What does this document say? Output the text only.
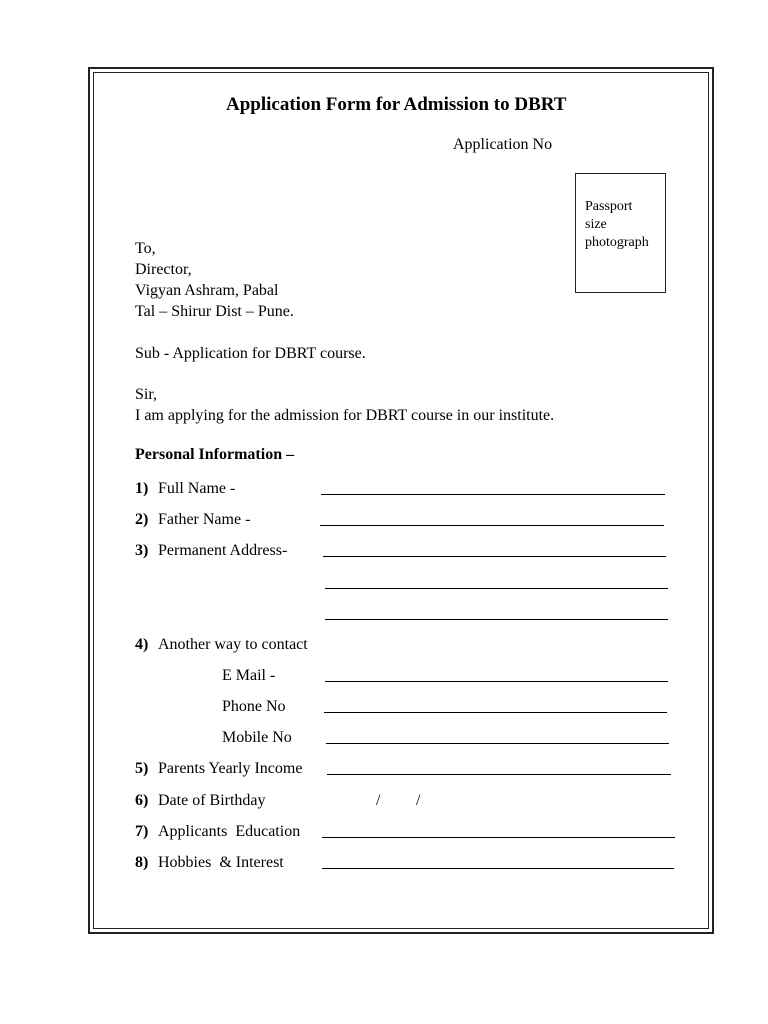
Application Form for Admission to DBRT
Application No
Passport
size
photograph
To,
Director,
Vigyan Ashram, Pabal
Tal – Shirur Dist – Pune.
Sub - Application for DBRT course.
Sir,
I am applying for the admission for DBRT course in our institute.
Personal Information –
1) Full Name -
2) Father Name -
3) Permanent Address-
4) Another way to contact
E Mail -
Phone No
Mobile No
5) Parents Yearly Income
6) Date of Birthday	/ /
7) Applicants  Education
8) Hobbies  & Interest
